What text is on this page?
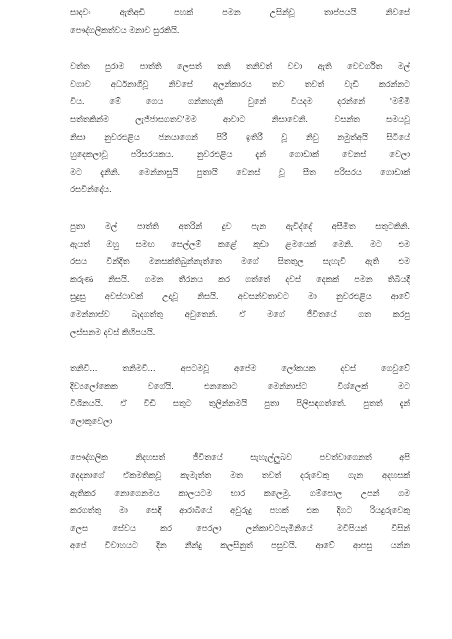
සාදවං ඇතිඅඩි පහක් පමන උසින්වූ තාප්පයයි නිවසේ
පෞද්ගලිකත්වය මනාව සුරකියි.
වත්ත පුරාම පාත්ති ලෙසත් තනි තනිවත් වවා ඇති වෙවර්ගිත මල්
වගාව අර්ධනාගිවූ නිවසේ අලන්කාරය තව තවත් වැඩි කරන්නට
විය. මේ ගෙය ගන්නහැකි වුනේ වියදම දරන්නේ 'මම්මි
සත්තකින්ම ලැජ්ජාසගතව'මම ආවාට නිසාවෙනි. වසන්ත සමයවූ
නිසා නුවරඑළිය ජනයාගෙන් පිරී ඉතිරී වූ නිවු නමුත්අයි සිටියේ
හුදෙකලාවූ පරිසරයකය. නුවරඑළිය දැන් ගොඩාක් වෙනස් වෙලා
මට දැනිනි. මෙන්නාසුයි පුතායි වෙනස් වූ සීත පරිසරය ගොඩාක්
රසවින්දෝය.
පුතා මල් පාත්ති අතරින් දුව පැන ඇවිද්දේ අසීමිත සතුටකිනි.
ඇයත් ඔහු සමඟ සෙල්ලම් කළේ කුඩා ළමයෙක් මෙනි. මට එම
රසය වින්දිත මනසක්තිබුන්නැත්තෙ මගේ සිතතුල සැහැවී ඇති එම
කරුණ නිසයි. ගමන තීරනය කර ගත්තේ දවස් දෙකක් පමන තිබියදී
සුදුසු අවස්ථාවක් උදාවූ නිසයි. අවසන්වතාවට මා නුවරඑළිය ආවේ
මෙන්නාස්ව බැදගත්තු අවුතෙන්. ඒ මගේ ජීවිතයේ ගත කරපු
ලස්සනම දවස් කිහිපයයි.
තනිවී... තනිමවී... අපටමවූ අපේම ලෝකයක දවස් ගෙවුවේ
දිව්‍යලෝකෙක වගේයි. එනකොට මෙන්නාස්ට විශ්ලෙක් මට
විශිනයයි. ඒ විඩි සතුට තුලින්නමයි පුතා පිලිසඳගත්තේ. පුතත් දැන්
ලොකුවෙලා
පෞද්ගලික නිදහසත් ජීවිතයේ සැහැල්ලුබව පවත්වාගෙනත් අපි
දෙදනාගේ ඒකමතිකවූ කැමැත්ත මත තවත් දරුවෙකු ගැන අදහසක්
ඇතිකර නොගෙනමය කාලයටම භාර කලෙමු. ගම්පොල උපන් ගම
කරගත්තු මා සෙඳි ආරාබියේ අවුරුදු පහක් එක දිගට රියදුරුවෙකු
ලෙස සේවය කර පෙරලා ලන්කාවටපැමිනියේ මවිපියන් විසින්
අපේ විවාහයට දින නීන්දු කලසිනුත් පසුවයි. ආවේ ආපසු යන්න
